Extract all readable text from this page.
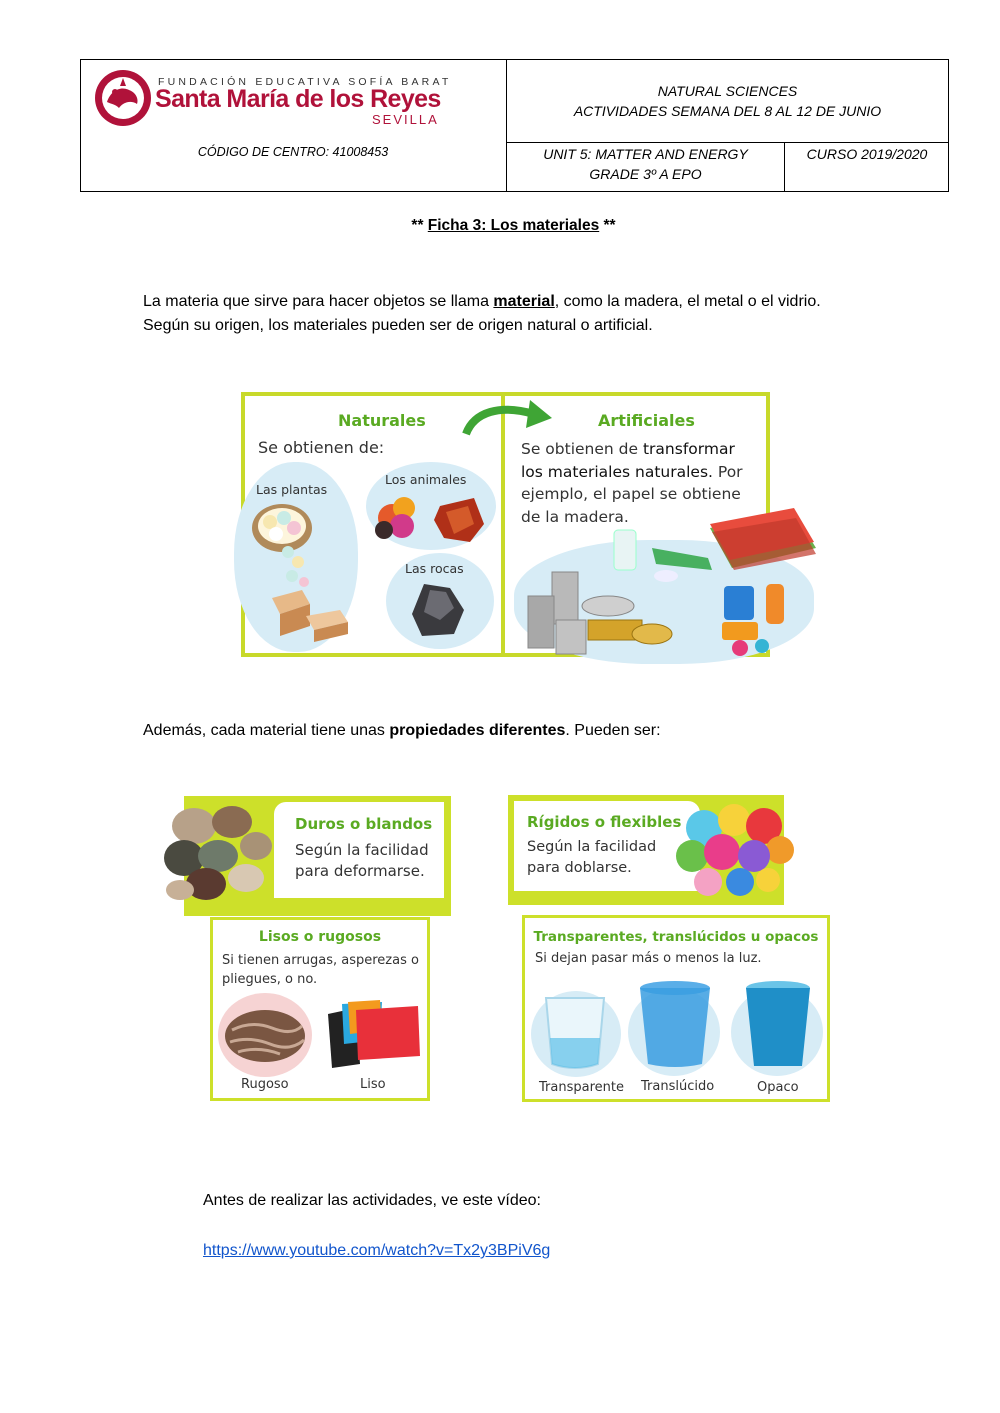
FUNDACIÓN EDUCATIVA SOFÍA BARAT
Santa María de los Reyes
SEVILLA
CÓDIGO DE CENTRO: 41008453
NATURAL SCIENCES
ACTIVIDADES SEMANA DEL 8 AL 12 DE JUNIO
UNIT 5: MATTER AND ENERGY
GRADE 3º A EPO
CURSO 2019/2020
** Ficha 3: Los materiales **
La materia que sirve para hacer objetos se llama material, como la madera, el metal o el vidrio.
Según su origen, los materiales pueden ser de origen natural o artificial.
Naturales
Se obtienen de:
Las plantas
Los animales
Las rocas
Artificiales
Se obtienen de transformar
los materiales naturales. Por
ejemplo, el papel se obtiene
de la madera.
Además, cada material tiene unas propiedades diferentes. Pueden ser:
Duros o blandos
Según la facilidad
para deformarse.
Rígidos o flexibles
Según la facilidad
para doblarse.
Lisos o rugosos
Si tienen arrugas, asperezas o
pliegues, o no.
Rugoso	Liso
Transparentes, translúcidos u opacos
Si dejan pasar más o menos la luz.
Transparente Translúcido	Opaco
Antes de realizar las actividades, ve este vídeo:
https://www.youtube.com/watch?v=Tx2y3BPiV6g
